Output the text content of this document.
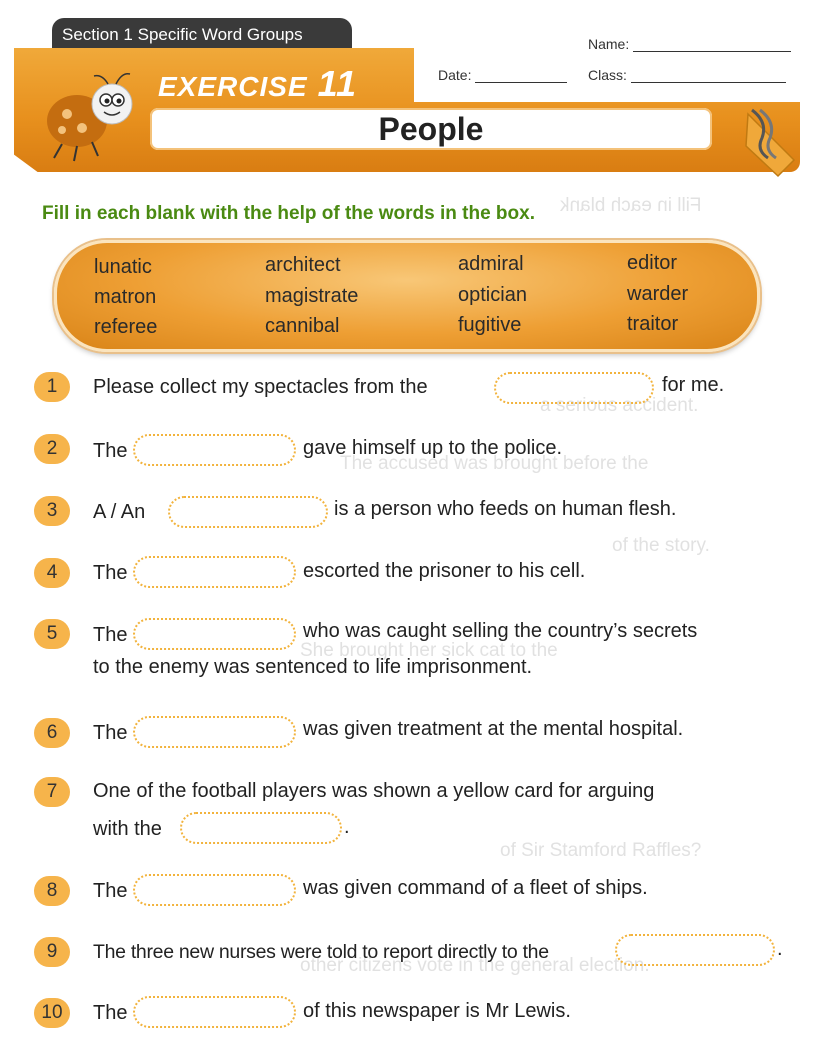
Fill in each blank
a serious accident.
The accused was brought before the
of the story.
She brought her sick cat to the
of Sir Stamford Raffles?
other citizens vote in the general election.
Section 1 Specific Word Groups	Name:
Date:	Class:
EXERCISE 11
People
Fill in each blank with the help of the words in the box.
lunatic	architect	admiral	editor
matron	magistrate	optician	warder
referee	cannibal	fugitive	traitor
1	Please collect my spectacles from the	for me.
2	The	gave himself up to the police.
3	A / An	is a person who feeds on human flesh.
4	The	escorted the prisoner to his cell.
5	The	who was caught selling the country’s secrets
to the enemy was sentenced to life imprisonment.
6	The	was given treatment at the mental hospital.
7	One of the football players was shown a yellow card for arguing
with the	.
8	The	was given command of a fleet of ships.
9	The three new nurses were told to report directly to the	.
10	The	of this newspaper is Mr Lewis.
